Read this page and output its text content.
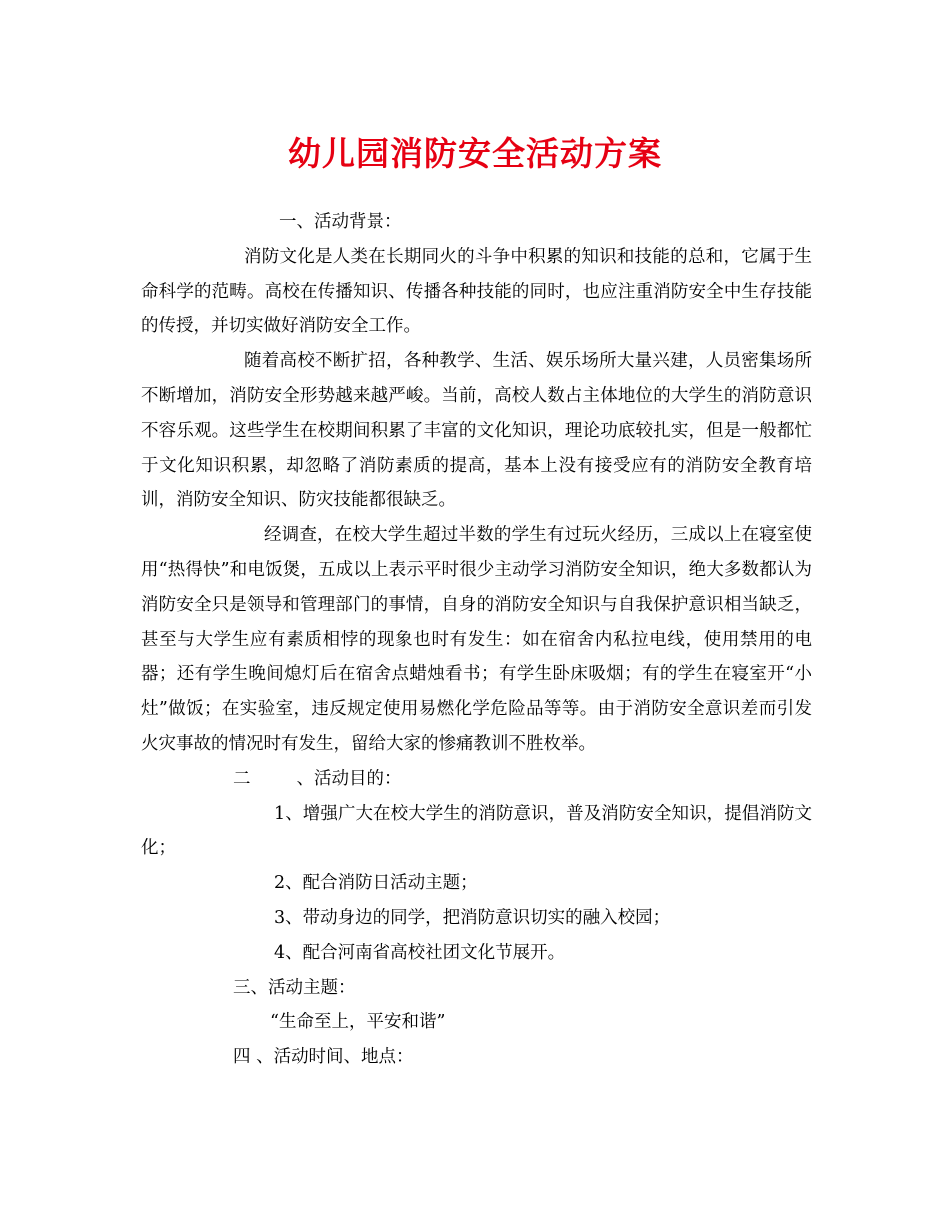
幼儿园消防安全活动方案

一、活动背景：

消防文化是人类在长期同火的斗争中积累的知识和技能的总和，它属于生命科学的范畴。高校在传播知识、传播各种技能的同时，也应注重消防安全中生存技能的传授，并切实做好消防安全工作。

随着高校不断扩招，各种教学、生活、娱乐场所大量兴建，人员密集场所不断增加，消防安全形势越来越严峻。当前，高校人数占主体地位的大学生的消防意识不容乐观。这些学生在校期间积累了丰富的文化知识，理论功底较扎实，但是一般都忙于文化知识积累，却忽略了消防素质的提高，基本上没有接受应有的消防安全教育培训，消防安全知识、防灾技能都很缺乏。

经调查，在校大学生超过半数的学生有过玩火经历，三成以上在寝室使用“热得快”和电饭煲，五成以上表示平时很少主动学习消防安全知识，绝大多数都认为消防安全只是领导和管理部门的事情，自身的消防安全知识与自我保护意识相当缺乏，甚至与大学生应有素质相悖的现象也时有发生：如在宿舍内私拉电线，使用禁用的电器；还有学生晚间熄灯后在宿舍点蜡烛看书；有学生卧床吸烟；有的学生在寝室开“小灶”做饭；在实验室，违反规定使用易燃化学危险品等等。由于消防安全意识差而引发火灾事故的情况时有发生，留给大家的惨痛教训不胜枚举。

二	、活动目的：

1、增强广大在校大学生的消防意识，普及消防安全知识，提倡消防文化；

2、配合消防日活动主题；

3、带动身边的同学，把消防意识切实的融入校园；

4、配合河南省高校社团文化节展开。

三、活动主题：

“生命至上，平安和谐”

四 、活动时间、地点：
